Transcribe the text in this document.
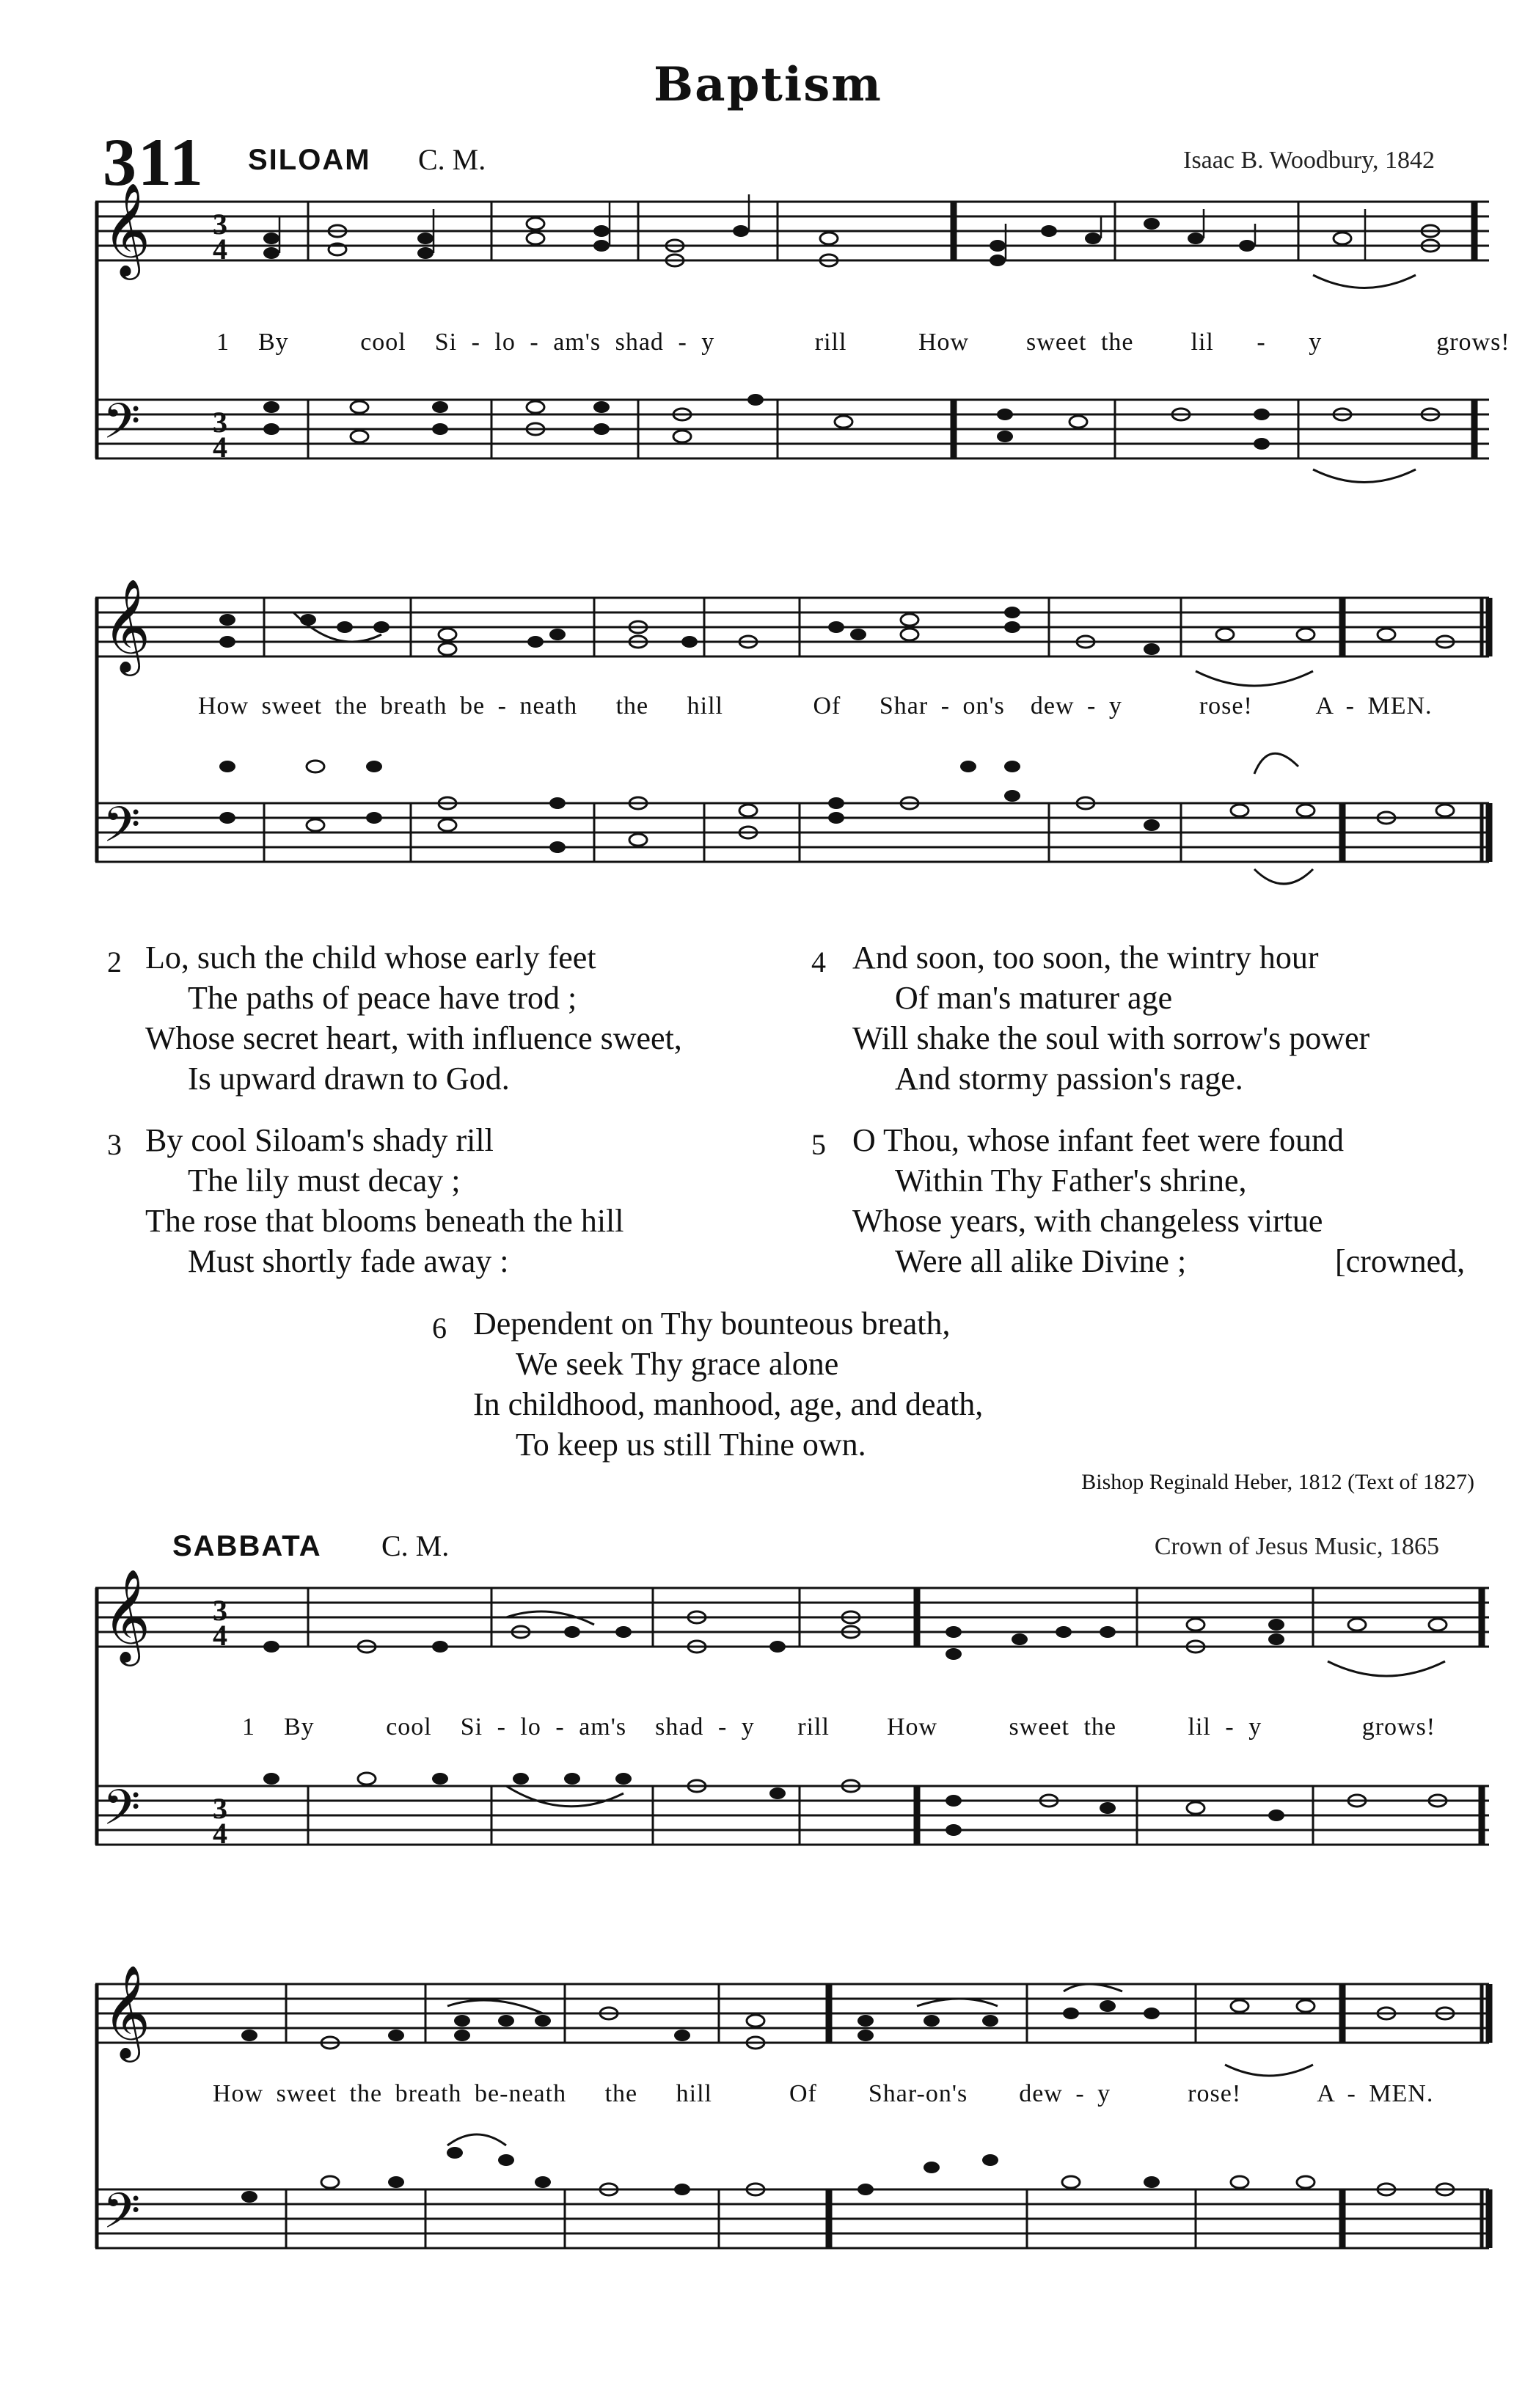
Baptism
311 SILOAM C. M.	Isaac B. Woodbury, 1842
𝄞
𝄢
3
4
3
4
1 By	cool Si - lo - am's shad - y	rill	How sweet the lil - y	grows!
𝄞
𝄢
How sweet the breath be - neath the hill	Of Shar - on's dew - y	rose!	A - MEN.
2 Lo, such the child whose early feet
The paths of peace have trod ;
Whose secret heart, with influence sweet,
Is upward drawn to God.
3 By cool Siloam's shady rill
The lily must decay ;
The rose that blooms beneath the hill
Must shortly fade away :
4 And soon, too soon, the wintry hour
Of man's maturer age
Will shake the soul with sorrow's power
And stormy passion's rage.
5 O Thou, whose infant feet were found
Within Thy Father's shrine,
Whose years, with changeless virtue
Were all alike Divine ;	[crowned,
6 Dependent on Thy bounteous breath,
We seek Thy grace alone
In childhood, manhood, age, and death,
To keep us still Thine own.
Bishop Reginald Heber, 1812 (Text of 1827)
SABBATA C. M.	Crown of Jesus Music, 1865
𝄞
𝄢
3
4
3
4
1 By	cool Si - lo - am's shad - y rill How	sweet the	lil - y	grows!
𝄞
𝄢
How sweet the breath be-neath the hill	Of Shar-on's dew - y	rose!	A - MEN.
